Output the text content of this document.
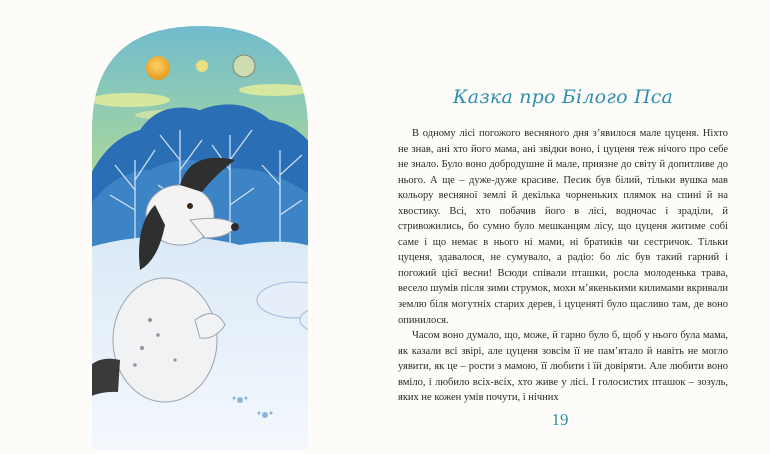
Казка про Білого Пса

В одному лісі погожого весняного дня з’явилося мале цуценя. Ніхто не знав, ані хто його мама, ані звідки воно, і цуценя теж нічого про себе не знало. Було воно добродушне й мале, приязне до світу й допитливе до нього. А ще – дуже-дуже красиве. Песик був білий, тільки вушка мав кольору весняної землі й декілька чорненьких плямок на спині й на хвостику. Всі, хто побачив його в лісі, водночас і зраділи, й стривожились, бо сумно було мешканцям лісу, що цуценя житиме собі саме і що немає в нього ні мами, ні братиків чи сестричок. Тільки цуценя, здавалося, не сумувало, а радіо: бо ліс був такий гарний і погожий цієї весни! Всюди співали пташки, росла молоденька трава, весело шумів після зими струмок, мохи м’якенькими килимами вкривали землю біля могутніх старих дерев, і цуценяті було щасливо там, де воно опинилося.

Часом воно думало, що, може, й гарно було б, щоб у нього була мама, як казали всі звірі, але цуценя зовсім її не пам’ятало й навіть не могло уявити, як це – рости з мамою, її любити і їй довіряти. Але любити воно вміло, і любило всіх-всіх, хто живе у лісі. І голосистих пташок – зозуль, яких не кожен умів почути, і нічних

19
